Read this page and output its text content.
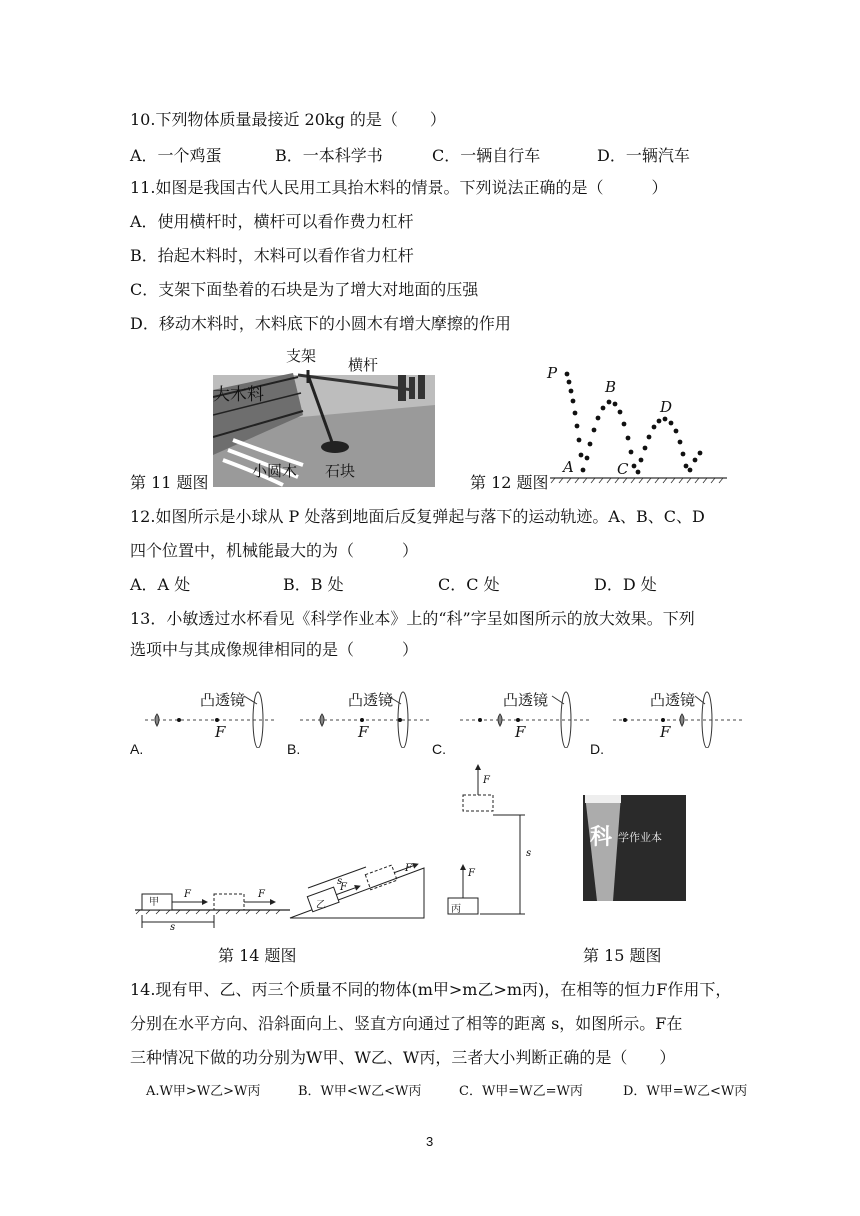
10.下列物体质量最接近 20kg 的是（　　）
A．一个鸡蛋	B．一本科学书	C．一辆自行车	D．一辆汽车
11.如图是我国古代人民用工具抬木料的情景。下列说法正确的是（　　　）
A．使用横杆时，横杆可以看作费力杠杆
B．抬起木料时，木料可以看作省力杠杆
C．支架下面垫着的石块是为了增大对地面的压强
D．移动木料时，木料底下的小圆木有增大摩擦的作用
支架 横杆
大木料
小圆木 石块
第 11 题图
P
A
B
C
D
第 12 题图
12.如图所示是小球从 P 处落到地面后反复弹起与落下的运动轨迹。A、B、C、D
四个位置中，机械能最大的为（　　　）
A．A 处	B．B 处	C．C 处	D．D 处
13．小敏透过水杯看见《科学作业本》上的“科”字呈如图所示的放大效果。下列
选项中与其成像规律相同的是（　　　）
凸透镜	凸透镜	凸透镜	凸透镜
F	F	F	F
A.	B.	C.	D.
甲	乙	丙
F	F
F
F	F
F
s
s
s
第 14 题图
科 学作业本
第 15 题图
14.现有甲、乙、丙三个质量不同的物体(m甲>m乙>m丙)，在相等的恒力F作用下，
分别在水平方向、沿斜面向上、竖直方向通过了相等的距离 s，如图所示。F在
三种情况下做的功分别为W甲、W乙、W丙，三者大小判断正确的是（　　）
A.W甲>W乙>W丙	B．W甲<W乙<W丙	C．W甲=W乙=W丙	D．W甲=W乙<W丙
3
